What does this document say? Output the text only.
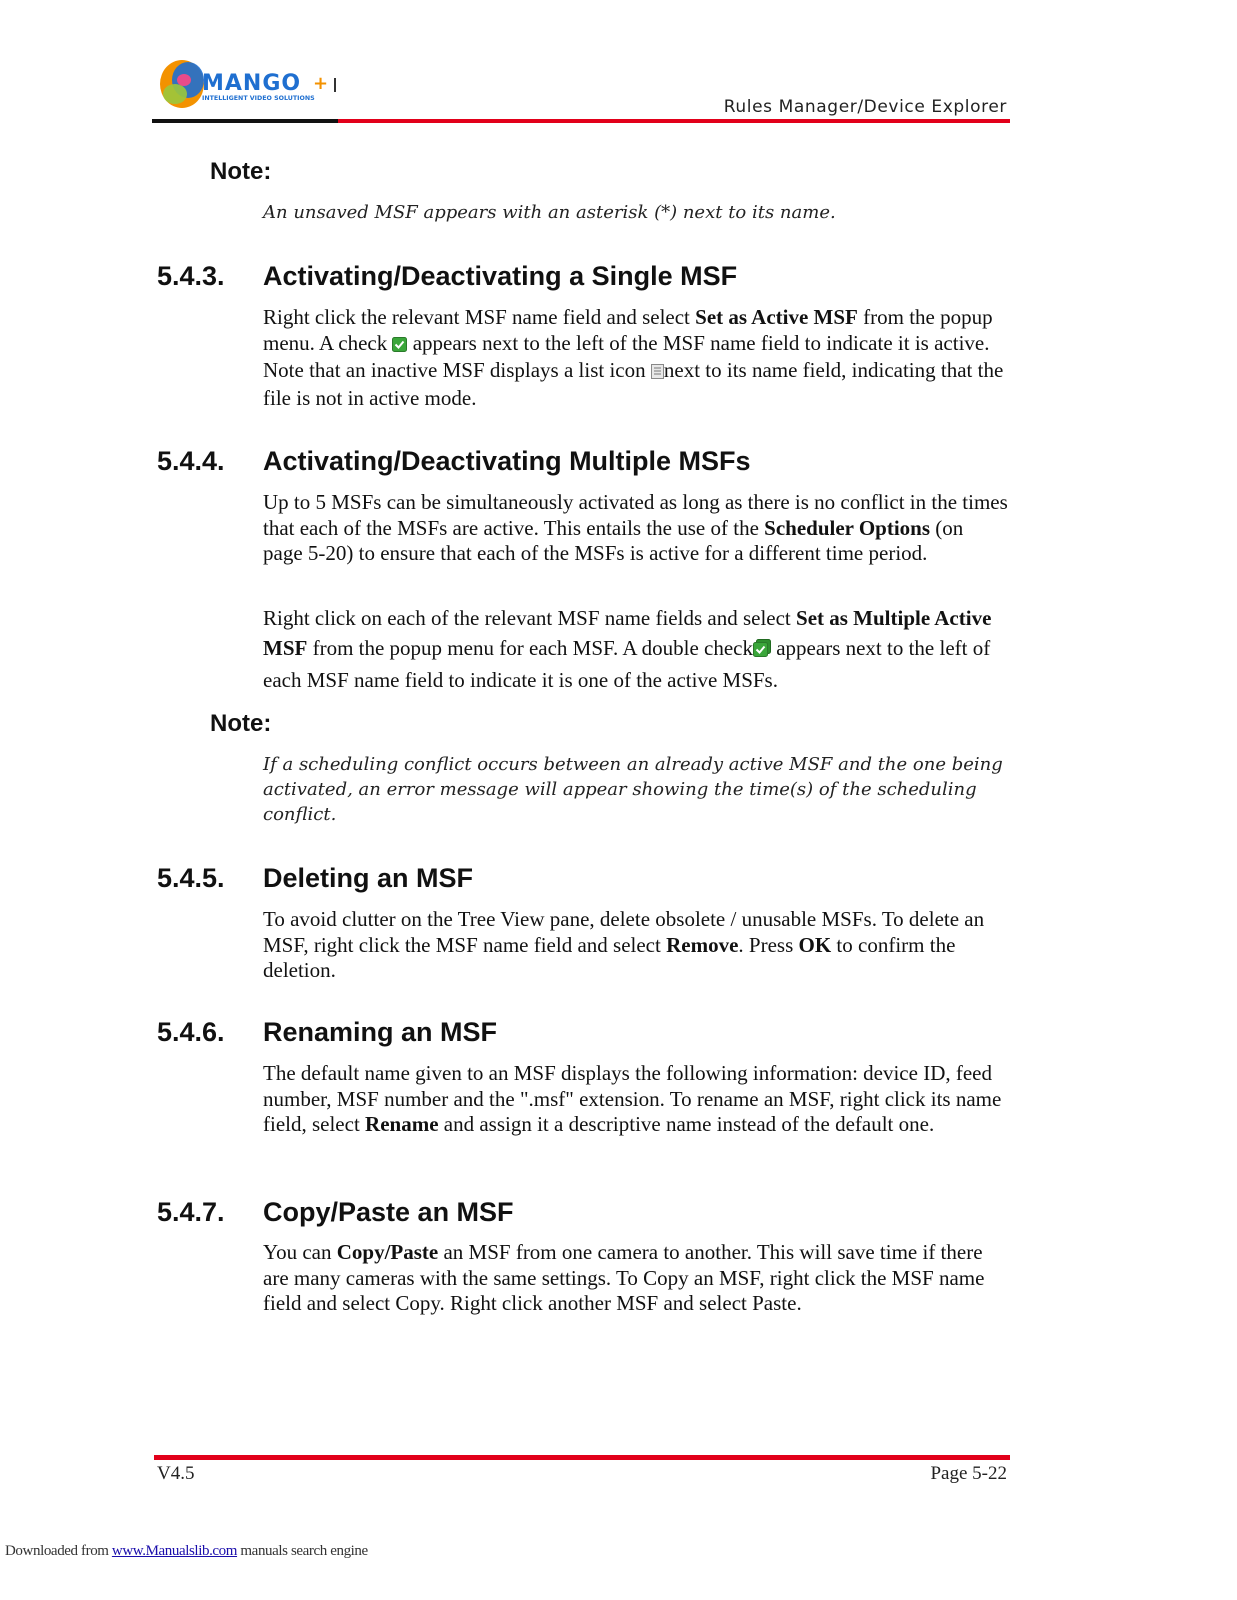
MANGO +
INTELLIGENT VIDEO SOLUTIONS	Rules Manager/Device Explorer
Note:
An unsaved MSF appears with an asterisk (*) next to its name.
5.4.3. Activating/Deactivating a Single MSF

Right click the relevant MSF name field and select Set as Active MSF from the popup menu. A check  appears next to the left of the MSF name field to indicate it is active. Note that an inactive MSF displays a list icon next to its name field, indicating that the file is not in active mode.

5.4.4. Activating/Deactivating Multiple MSFs

Up to 5 MSFs can be simultaneously activated as long as there is no conflict in the times that each of the MSFs are active. This entails the use of the Scheduler Options (on page 5-20) to ensure that each of the MSFs is active for a different time period.

Right click on each of the relevant MSF name fields and select Set as Multiple Active MSF from the popup menu for each MSF. A double check appears next to the left of each MSF name field to indicate it is one of the active MSFs.

Note:
If a scheduling conflict occurs between an already active MSF and the one being activated, an error message will appear showing the time(s) of the scheduling conflict.
5.4.5. Deleting an MSF

To avoid clutter on the Tree View pane, delete obsolete / unusable MSFs. To delete an MSF, right click the MSF name field and select Remove. Press OK to confirm the deletion.

5.4.6. Renaming an MSF

The default name given to an MSF displays the following information: device ID, feed number, MSF number and the ".msf" extension. To rename an MSF, right click its name field, select Rename and assign it a descriptive name instead of the default one.

5.4.7. Copy/Paste an MSF

You can Copy/Paste an MSF from one camera to another. This will save time if there are many cameras with the same settings. To Copy an MSF, right click the MSF name field and select Copy. Right click another MSF and select Paste.

V4.5	Page 5-22
Downloaded from www.Manualslib.com manuals search engine
